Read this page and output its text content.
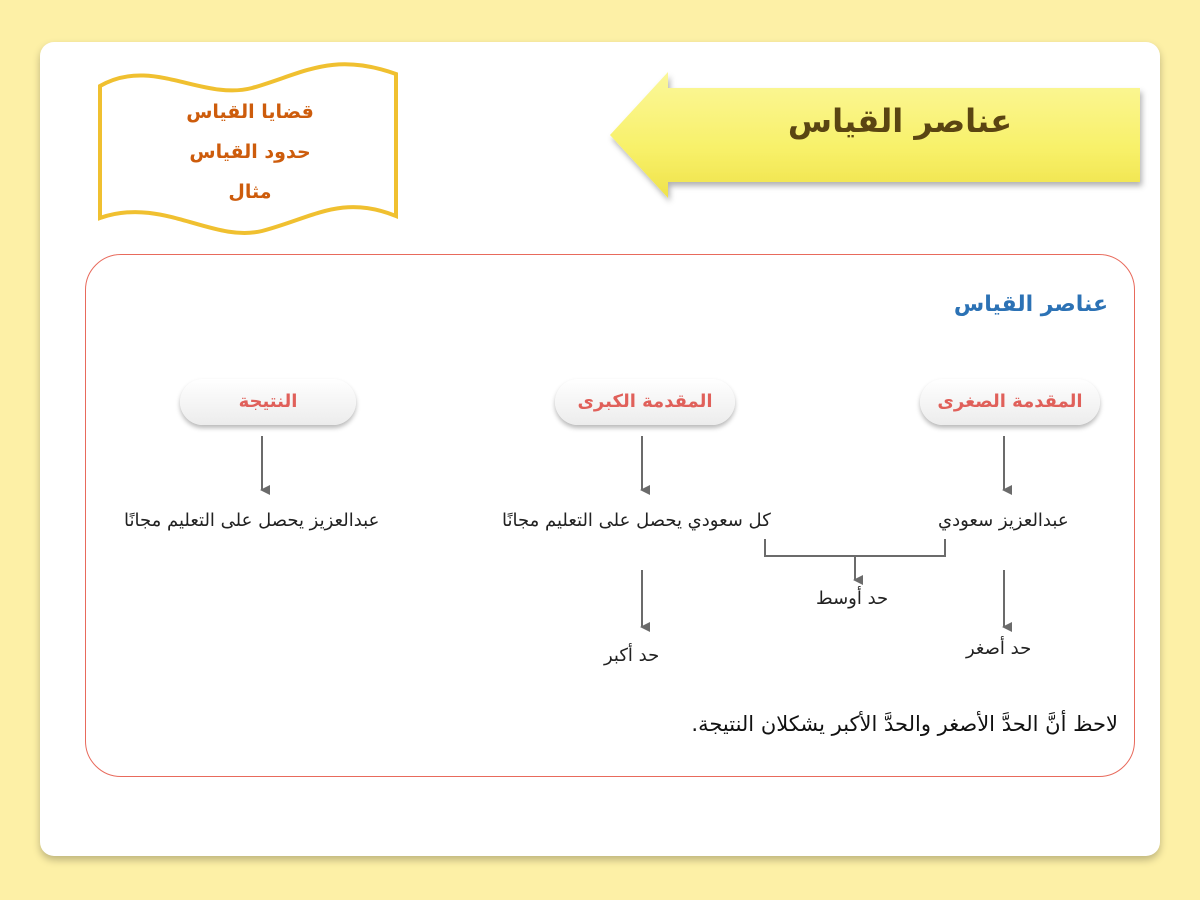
عناصر القياس
قضايا القياس
حدود القياس
مثال
عناصر القياس
المقدمة الصغرى
المقدمة الكبرى
النتيجة
عبدالعزيز سعودي
كل سعودي يحصل على التعليم مجانًا
عبدالعزيز يحصل على التعليم مجانًا
حد أصغر
حد أوسط
حد أكبر
لاحظ أنَّ الحدَّ الأصغر والحدَّ الأكبر يشكلان النتيجة.
